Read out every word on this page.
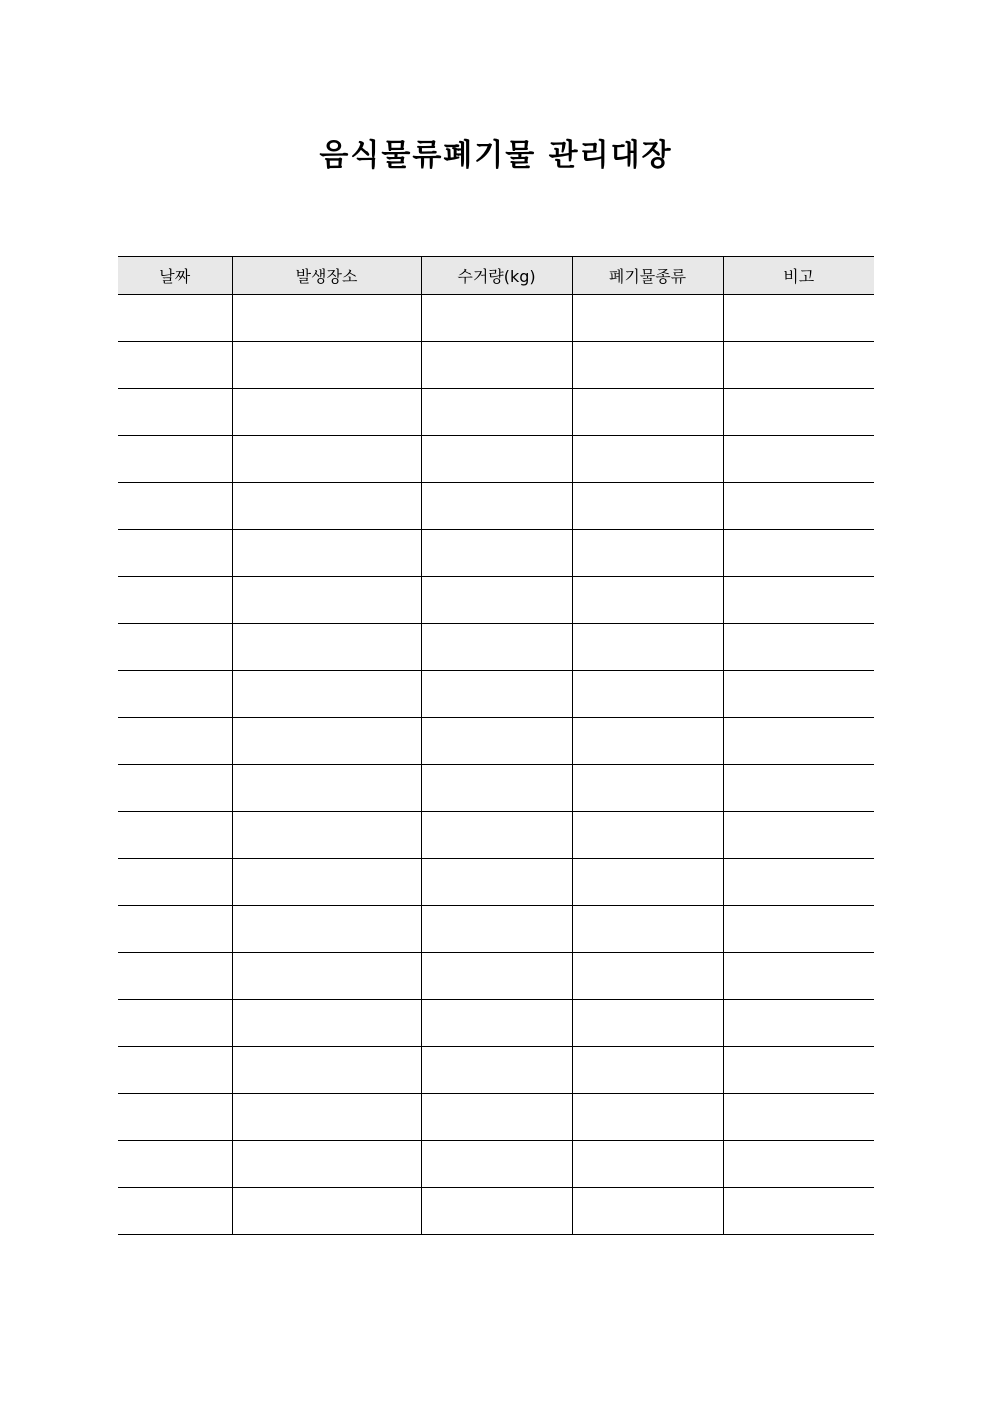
음식물류폐기물 관리대장
날짜	발생장소	수거량(kg)	폐기물종류	비고
